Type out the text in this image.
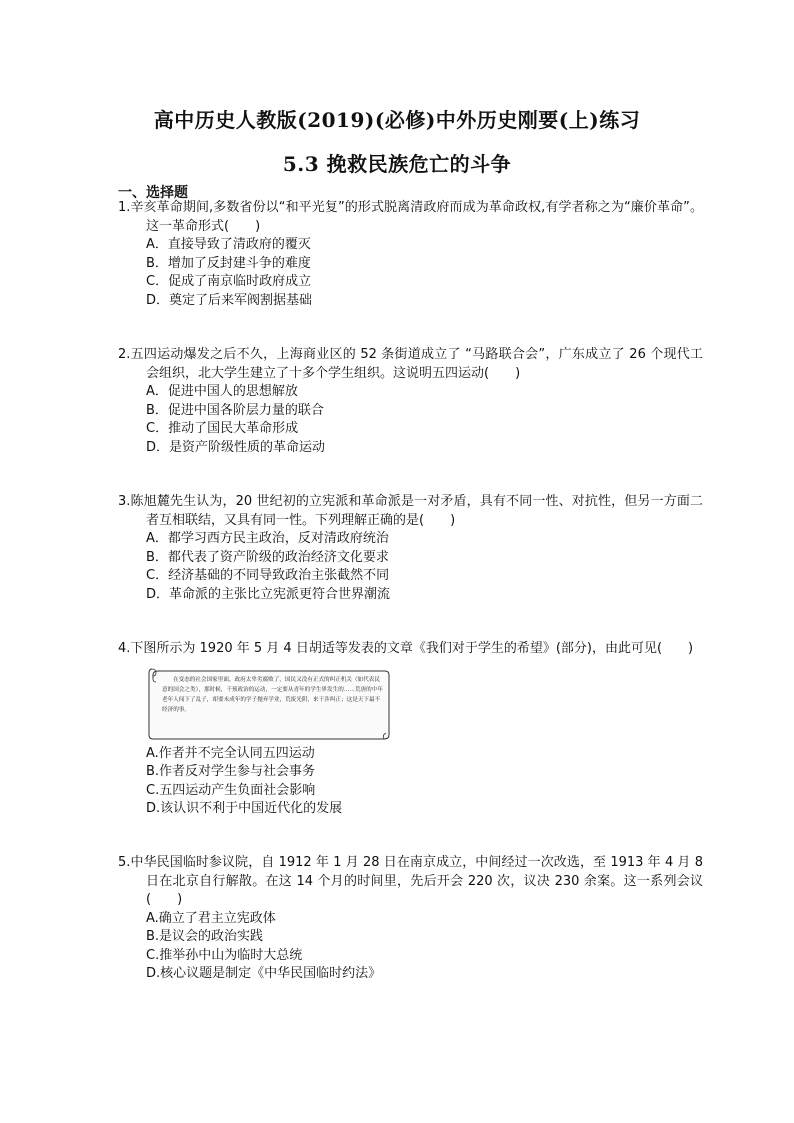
高中历史人教版(2019)(必修)中外历史刚要(上)练习
5.3 挽救民族危亡的斗争
一、选择题
1.辛亥革命期间,多数省份以“和平光复”的形式脱离清政府而成为革命政权,有学者称之为“廉价革命”。这一革命形式(　　)
A．直接导致了清政府的覆灭
B．增加了反封建斗争的难度
C．促成了南京临时政府成立
D．奠定了后来军阀割据基础
2.五四运动爆发之后不久，上海商业区的 52 条街道成立了 “马路联合会”，广东成立了 26 个现代工会组织，北大学生建立了十多个学生组织。这说明五四运动(　　)
A．促进中国人的思想解放
B．促进中国各阶层力量的联合
C．推动了国民大革命形成
D．是资产阶级性质的革命运动
3.陈旭麓先生认为，20 世纪初的立宪派和革命派是一对矛盾，具有不同一性、对抗性，但另一方面二者互相联结，又具有同一性。下列理解正确的是(　　)
A．都学习西方民主政治，反对清政府统治
B．都代表了资产阶级的政治经济文化要求
C．经济基础的不同导致政治主张截然不同
D．革命派的主张比立宪派更符合世界潮流
4.下图所示为 1920 年 5 月 4 日胡适等发表的文章《我们对于学生的希望》(部分)，由此可见(　　)
在变态的社会国家里面，政府太卑劣腐败了，国民又没有正式的纠正机关（如代表民意的国会之类），那时候，干预政治的运动，一定要从青年的学生界发生的……荒唐的中年老年人闯下了乱子，却要未成年的学子抛弃学业，荒废光阴，来干涉纠正；这是天下最不经济的事。
A.作者并不完全认同五四运动
B.作者反对学生参与社会事务
C.五四运动产生负面社会影响
D.该认识不利于中国近代化的发展
5.中华民国临时参议院，自 1912 年 1 月 28 日在南京成立，中间经过一次改选，至 1913 年 4 月 8 日在北京自行解散。在这 14 个月的时间里，先后开会 220 次，议决 230 余案。这一系列会议(　　)
A.确立了君主立宪政体
B.是议会的政治实践
C.推举孙中山为临时大总统
D.核心议题是制定《中华民国临时约法》
